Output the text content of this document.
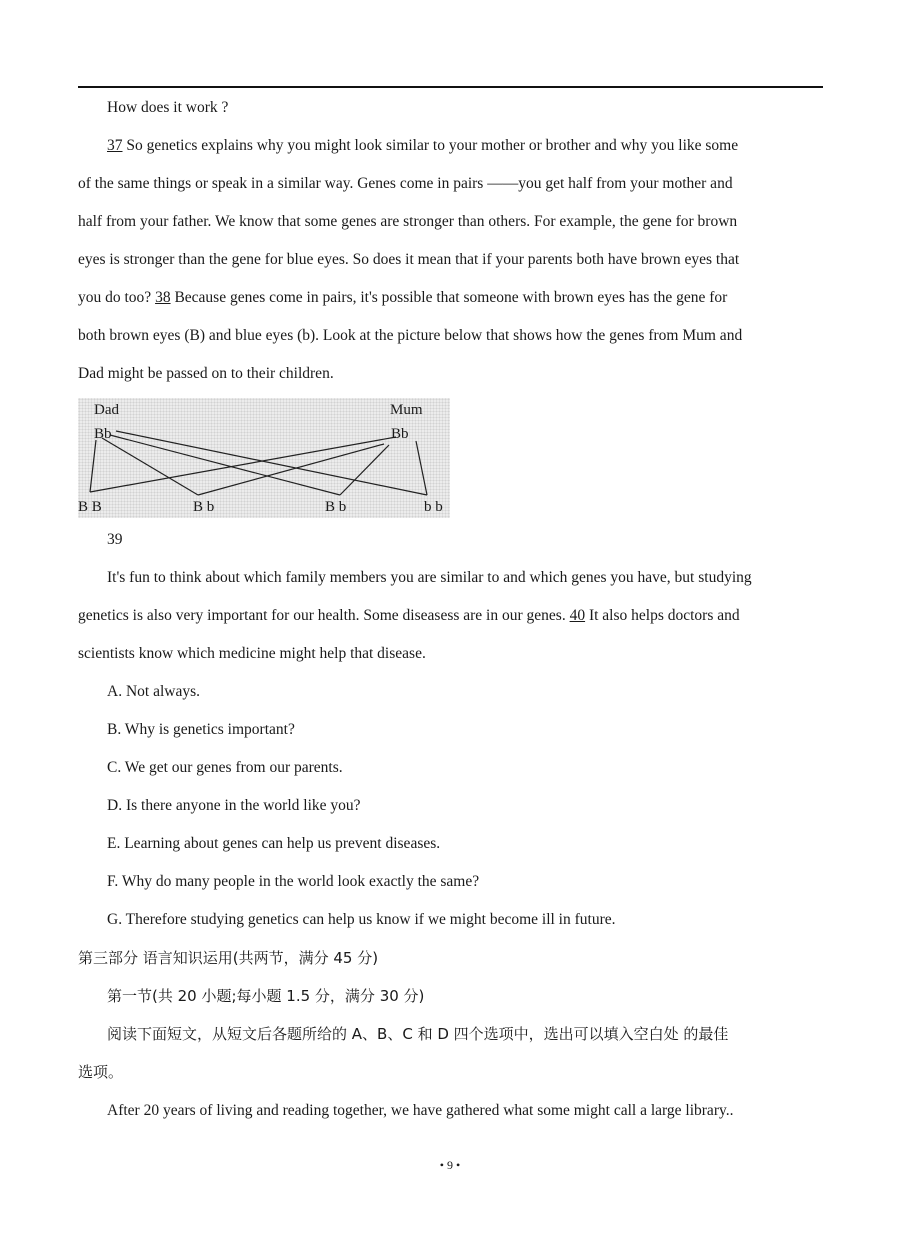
How does it work ?
37 So genetics explains why you might look similar to your mother or brother and why you like some
of the same things or speak in a similar way. Genes come in pairs ——you get half from your mother and
half from your father. We know that some genes are stronger than others. For example, the gene for brown
eyes is stronger than the gene for blue eyes. So does it mean that if your parents both have brown eyes that
you do too? 38 Because genes come in pairs, it's possible that someone with brown eyes has the gene for
both brown eyes (B) and blue eyes (b). Look at the picture below that shows how the genes from Mum and
Dad might be passed on to their children.
Dad	Mum
Bb	Bb
B B	B b	B b	b b
39
It's fun to think about which family members you are similar to and which genes you have, but studying
genetics is also very important for our health. Some diseasess are in our genes. 40 It also helps doctors and
scientists know which medicine might help that disease.
A. Not always.
B. Why is genetics important?
C. We get our genes from our parents.
D. Is there anyone in the world like you?
E. Learning about genes can help us prevent diseases.
F. Why do many people in the world look exactly the same?
G. Therefore studying genetics can help us know if we might become ill in future.
第三部分 语言知识运用(共两节，满分 45 分)
第一节(共 20 小题;每小题 1.5 分，满分 30 分)
阅读下面短文，从短文后各题所给的 A、B、C 和 D 四个选项中，选出可以填入空白处 的最佳
选项。
After 20 years of living and reading together, we have gathered what some might call a large library..
• 9 •
